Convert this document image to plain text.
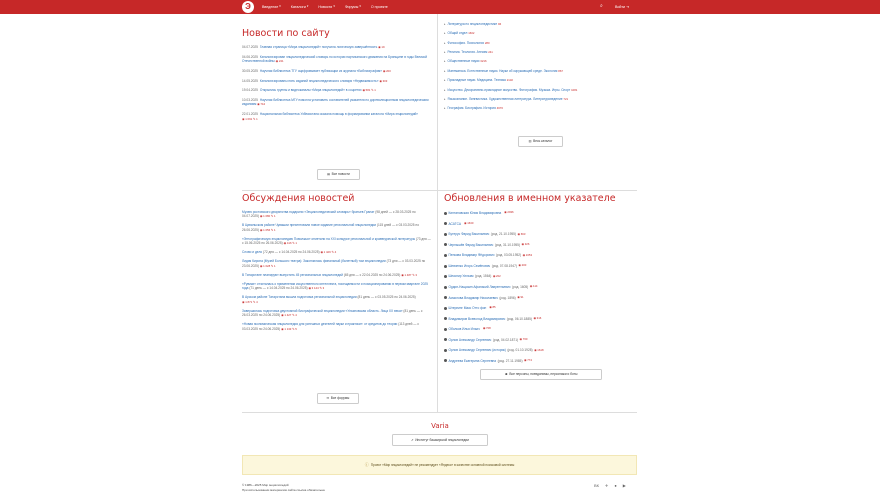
Э	Введение ▾	Каталоги ▾	Новости ▾	Форумы ▾	О проекте	⌕	Войти ⇥
Новости по сайту
04.07.2025 Главная страница «Мира энциклопедий» получила логическую завершённость ◉ 19
04.06.2025 Каталогизирован энциклопедический словарь по истории партизанского движения на Брянщине в годы Великой Отечественной войны ◉ 241
30.05.2025 Научная библиотека ТГУ оцифровывает публикации из журнала «Библиография» ◉ 200
14.05.2025 Каталогизированы пять изданий энциклопедического словаря «Недвижимость» ◉ 303
19.04.2025 Открылись группы и видеоканалы «Мира энциклопедий» в соцсетях ◉ 581 ✎ 1
10.03.2025 Научная библиотека МГУ помогла установить составителей указателя по дореволюционным энциклопедическим изданиям ◉ 744
22.01.2025 Национальная библиотека Узбекистана оказала помощь в формировании каталога «Мира энциклопедий» ◉ 1 091 ✎ 1
▤ Все новости
▸ Литература по энциклопедистике 96
▸ Общий отдел 1602
▸ Философия. Психология 280
▸ Религия. Теология. Атеизм 241
▸ Общественные науки 3216
▸ Математика. Естественные науки. Науки об окружающей среде. Экология 867
▸ Прикладные науки. Медицина. Техника 2132
▸ Искусство. Декоративно-прикладное искусство. Фотография. Музыка. Игры. Спорт 1081
▸ Языкознание. Лингвистика. Художественная литература. Литературоведение 721
▸ География. Биография. История 4676
▥ Весь каталог
Обсуждения новостей
Музею ростовского дворянства подарили «Энциклопедический словарь» братьев Гранат (98 дней — с 28.03.2025 по 04.07.2025) ◉ 1 080 ✎ 1
В Цивильском районе Чувашии презентовали новое издание региональной энциклопедии (115 дней — с 03.03.2025 по 26.06.2025) ◉ 1 056 ✎ 1
«Этнографическую энциклопедию Поволжья» отметили на XXI конкурсе региональной и краеведческой литературы (73 дня — с 15.06.2025 по 26.06.2025) ◉ 416 ✎ 1
Слово и дело (72 дня — с 14.04.2025 по 24.06.2025) ◉ 1 429 ✎ 4
Лидия Кирона (Музей Большого театра): Закончилась финальный (балетный) том энциклопедии (73 дня — с 03.03.2025 по 23.06.2025) ◉ 1 028 ✎ 1
В Татарстане планируют выпустить 45 региональных энциклопедий (65 дня — с 22.04.2025 по 24.06.2025) ◉ 1 487 ✎ 3
«Рувики» отчиталась о применении искусственного интеллекта, посещаемости и позиционировании в первом квартале 2025 года (71 день — с 14.04.2025 по 24.06.2025) ◉ 3 144 ✎ 3
В Арском районе Татарстана вышла подготовка региональной энциклопедии (81 день — с 03.05.2025 по 24.06.2025) ◉ 1 871 ✎ 4
Завершилась подготовка двухтомной биографической энциклопедии «Ульяновская область. Лица XX века» (81 день — с 26.03.2025 по 24.06.2025) ◉ 1 427 ✎ 4
«Новая экономическая энциклопедия для успешных деятелей науки и практики»: от кредитов до теории (113 дней — с 03.03.2025 по 24.06.2025) ◉ 1 133 ✎ 5
✉ Все форумы
Обновления в именном указателе
Киптановская Юлия Владимировна ◉ 2936
АСАТСА ◉ 1630
Бутерус Фарид Васильевич (род. 21.10.1955) ◉ 663
Чернышёв Фарид Васильевич (род. 31.10.1955) ◉ 326
Пенкова Владимир Фёдорович (род. 03.05.1952) ◉ 1653
Шевченко Игорь Семёнович (род. 07.08.1947) ◉ 200
Шекспир Уильям (род. 1564) ◉ 202
Ордин-Нащокин Афанасий Лаврентьевич (род. 1605) ◉ 114
Асмолова Владимир Николаевич (род. 1896) ◉ 91
Штерлинг Макс Отто фон ◉ 85
Владимиров Всеволод Владимирович (род. 06.10.1885) ◉ 316
Оболков Илья Ильич ◉ 708
Орлов Александр Сергеевич (род. 04.02.1871) ◉ 760
Орлов Александр Сергеевич (историк) (род. 01.10.1928) ◉ 1618
Андреева Екатерина Сергеевна (род. 27.11.1985) ◉ 774
☻ Все персоны, псевдонимы, персонажи и боты
Varia
⇗ Институт башкирской энциклопедии
ⓘ Проект «Мир энциклопедий» не рекомендует «Яндекс» в качестве основной поисковой системы
© 1986—2025 Мир энциклопедий
При использовании материалов сайта ссылка обязательна
ВК ✈ ● ▶
